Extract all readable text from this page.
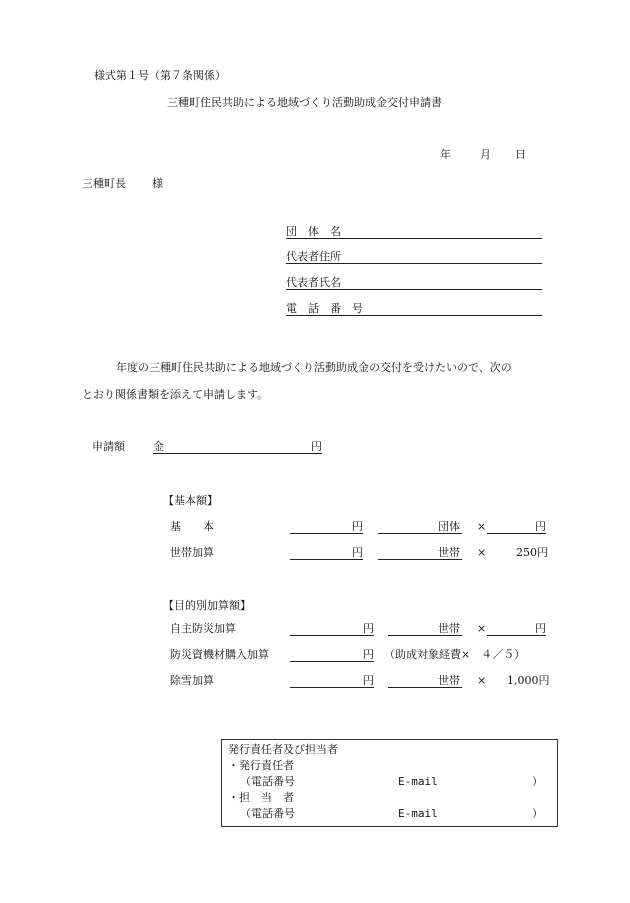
様式第１号（第７条関係）
三種町住民共助による地域づくり活動助成金交付申請書
年	月 日
三種町長 様
団　体　名
代表者住所
代表者氏名
電　話　番　号
年度の三種町住民共助による地域づくり活動助成金の交付を受けたいので、次の
とおり関係書類を添えて申請します。
申請額	金	円
【基本額】
基　　本	円	団体 ×	円
世帯加算	円	世帯 ×	250円
【目的別加算額】
自主防災加算	円	世帯 ×	円
防災資機材購入加算	円 （助成対象経費×　４／５）
除雪加算	円	世帯 × 1,000円
発行責任者及び担当者
・発行責任者
（電話番号	E-mail	）
・担　当　者
（電話番号	E-mail	）
